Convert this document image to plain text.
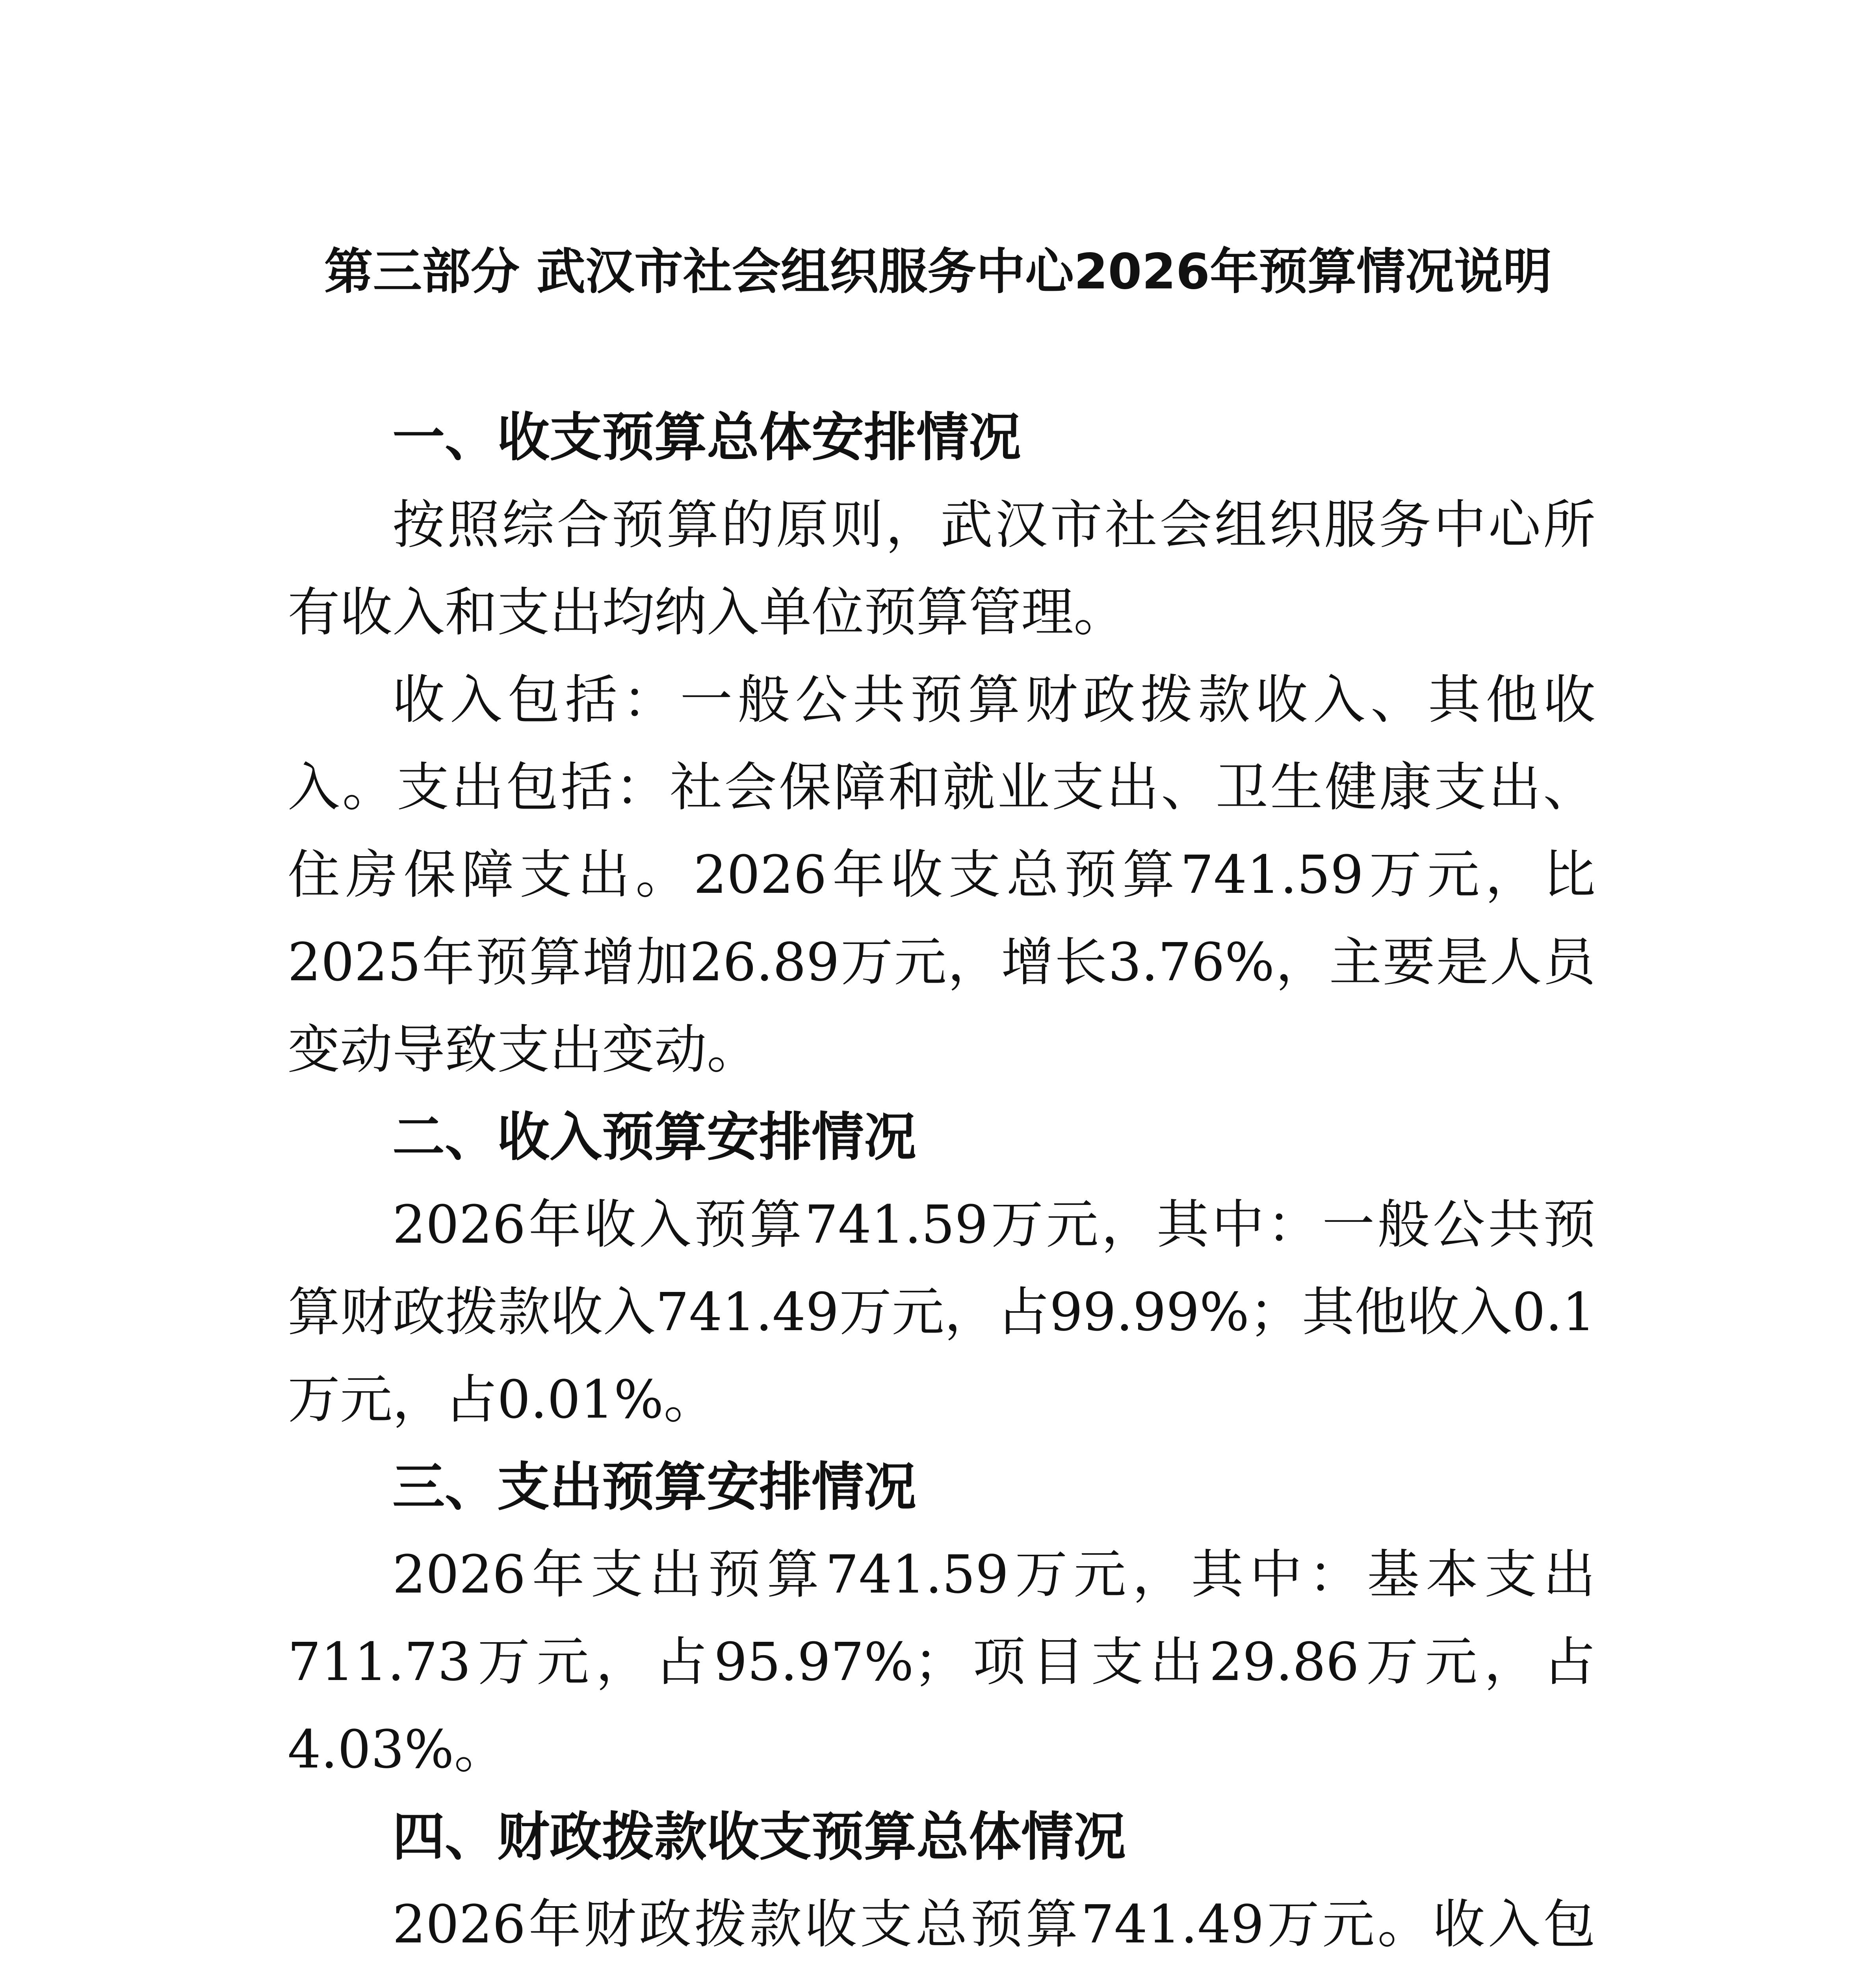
第三部分 武汉市社会组织服务中心2026年预算情况说明

一、收支预算总体安排情况

按照综合预算的原则，武汉市社会组织服务中心所有收入和支出均纳入单位预算管理。

收入包括：一般公共预算财政拨款收入、其他收入。支出包括：社会保障和就业支出、卫生健康支出、住房保障支出。2026年收支总预算741.59万元，比2025年预算增加26.89万元，增长3.76%，主要是人员变动导致支出变动。

二、收入预算安排情况

2026年收入预算741.59万元，其中：一般公共预算财政拨款收入741.49万元，占99.99%；其他收入0.1万元，占0.01%。

三、支出预算安排情况

2026年支出预算741.59万元，其中：基本支出711.73万元，占95.97%；项目支出29.86万元，占4.03%。

四、财政拨款收支预算总体情况

2026年财政拨款收支总预算741.49万元。收入包
